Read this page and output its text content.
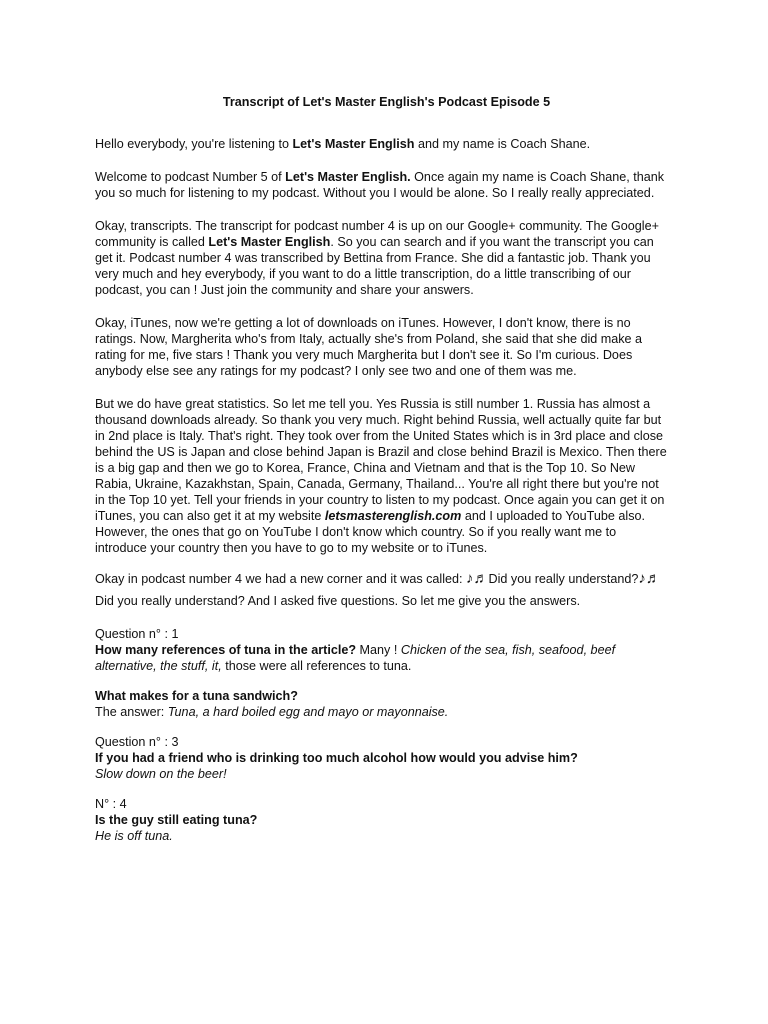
Transcript of Let's Master English's Podcast Episode 5

Hello everybody, you're listening to Let's Master English and my name is Coach Shane.

Welcome to podcast Number 5 of Let's Master English. Once again my name is Coach Shane, thank you so much for listening to my podcast. Without you I would be alone. So I really really appreciated.

Okay, transcripts. The transcript for podcast number 4 is up on our Google+ community. The Google+ community is called Let's Master English. So you can search and if you want the transcript you can get it. Podcast number 4 was transcribed by Bettina from France. She did a fantastic job. Thank you very much and hey everybody, if you want to do a little transcription, do a little transcribing of our podcast, you can ! Just join the community and share your answers.

Okay, iTunes, now we're getting a lot of downloads on iTunes. However, I don't know, there is no ratings. Now, Margherita who's from Italy, actually she's from Poland, she said that she did make a rating for me, five stars ! Thank you very much Margherita but I don't see it. So I'm curious. Does anybody else see any ratings for my podcast? I only see two and one of them was me.

But we do have great statistics. So let me tell you. Yes Russia is still number 1. Russia has almost a thousand downloads already. So thank you very much. Right behind Russia, well actually quite far but in 2nd place is Italy. That's right. They took over from the United States which is in 3rd place and close behind the US is Japan and close behind Japan is Brazil and close behind Brazil is Mexico. Then there is a big gap and then we go to Korea, France, China and Vietnam and that is the Top 10. So New Rabia, Ukraine, Kazakhstan, Spain, Canada, Germany, Thailand... You're all right there but you're not in the Top 10 yet. Tell your friends in your country to listen to my podcast. Once again you can get it on iTunes, you can also get it at my website letsmasterenglish.com and I uploaded to YouTube also. However, the ones that go on YouTube I don't know which country. So if you really want me to introduce your country then you have to go to my website or to iTunes.

Okay in podcast number 4 we had a new corner and it was called: ♪♬Did you really understand?♪♬ Did you really understand? And I asked five questions. So let me give you the answers.

Question n° : 1
How many references of tuna in the article? Many ! Chicken of the sea, fish, seafood, beef alternative, the stuff, it, those were all references to tuna.
What makes for a tuna sandwich?
The answer: Tuna, a hard boiled egg and mayo or mayonnaise.
Question n° : 3
If you had a friend who is drinking too much alcohol how would you advise him?
Slow down on the beer!
N° : 4
Is the guy still eating tuna?
He is off tuna.
